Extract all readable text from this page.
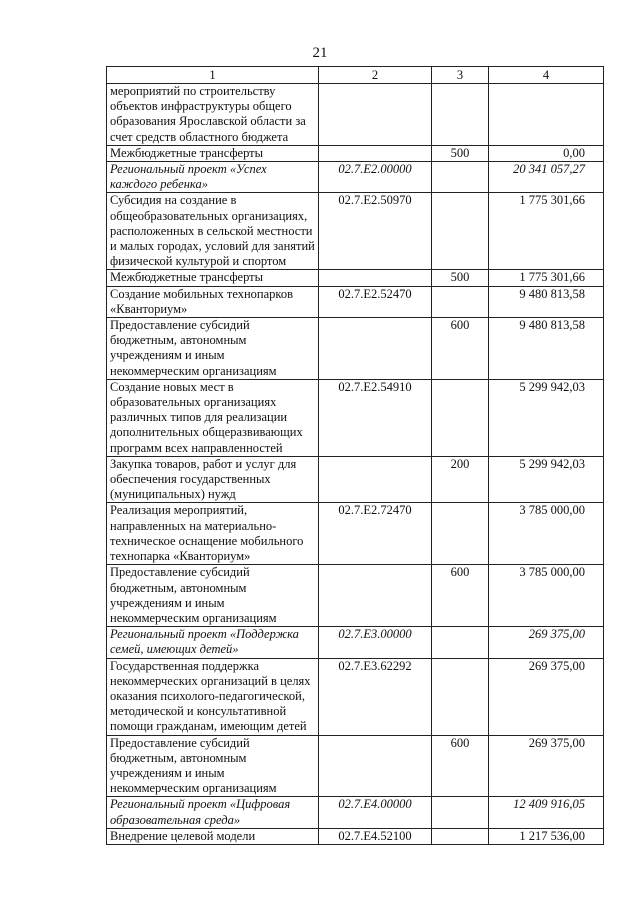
21
1	2	3	4
мероприятий по строительству объектов инфраструктуры общего образования Ярославской области за счет средств областного бюджета			
Межбюджетные трансферты		500	0,00
Региональный проект «Успех каждого ребенка»	02.7.E2.00000		20 341 057,27
Субсидия на создание в общеобразовательных организациях, расположенных в сельской местности и малых городах, условий для занятий физической культурой и спортом	02.7.E2.50970		1 775 301,66
Межбюджетные трансферты		500	1 775 301,66
Создание мобильных технопарков «Кванториум»	02.7.E2.52470		9 480 813,58
Предоставление субсидий бюджетным, автономным учреждениям и иным некоммерческим организациям		600	9 480 813,58
Создание новых мест в образовательных организациях различных типов для реализации дополнительных общеразвивающих программ всех направленностей	02.7.E2.54910		5 299 942,03
Закупка товаров, работ и услуг для обеспечения государственных (муниципальных) нужд		200	5 299 942,03
Реализация мероприятий, направленных на материально-техническое оснащение мобильного технопарка «Кванториум»	02.7.E2.72470		3 785 000,00
Предоставление субсидий бюджетным, автономным учреждениям и иным некоммерческим организациям		600	3 785 000,00
Региональный проект «Поддержка семей, имеющих детей»	02.7.E3.00000		269 375,00
Государственная поддержка некоммерческих организаций в целях оказания психолого-педагогической, методической и консультативной помощи гражданам, имеющим детей	02.7.E3.62292		269 375,00
Предоставление субсидий бюджетным, автономным учреждениям и иным некоммерческим организациям		600	269 375,00
Региональный проект «Цифровая образовательная среда»	02.7.E4.00000		12 409 916,05
Внедрение целевой модели	02.7.E4.52100		1 217 536,00
